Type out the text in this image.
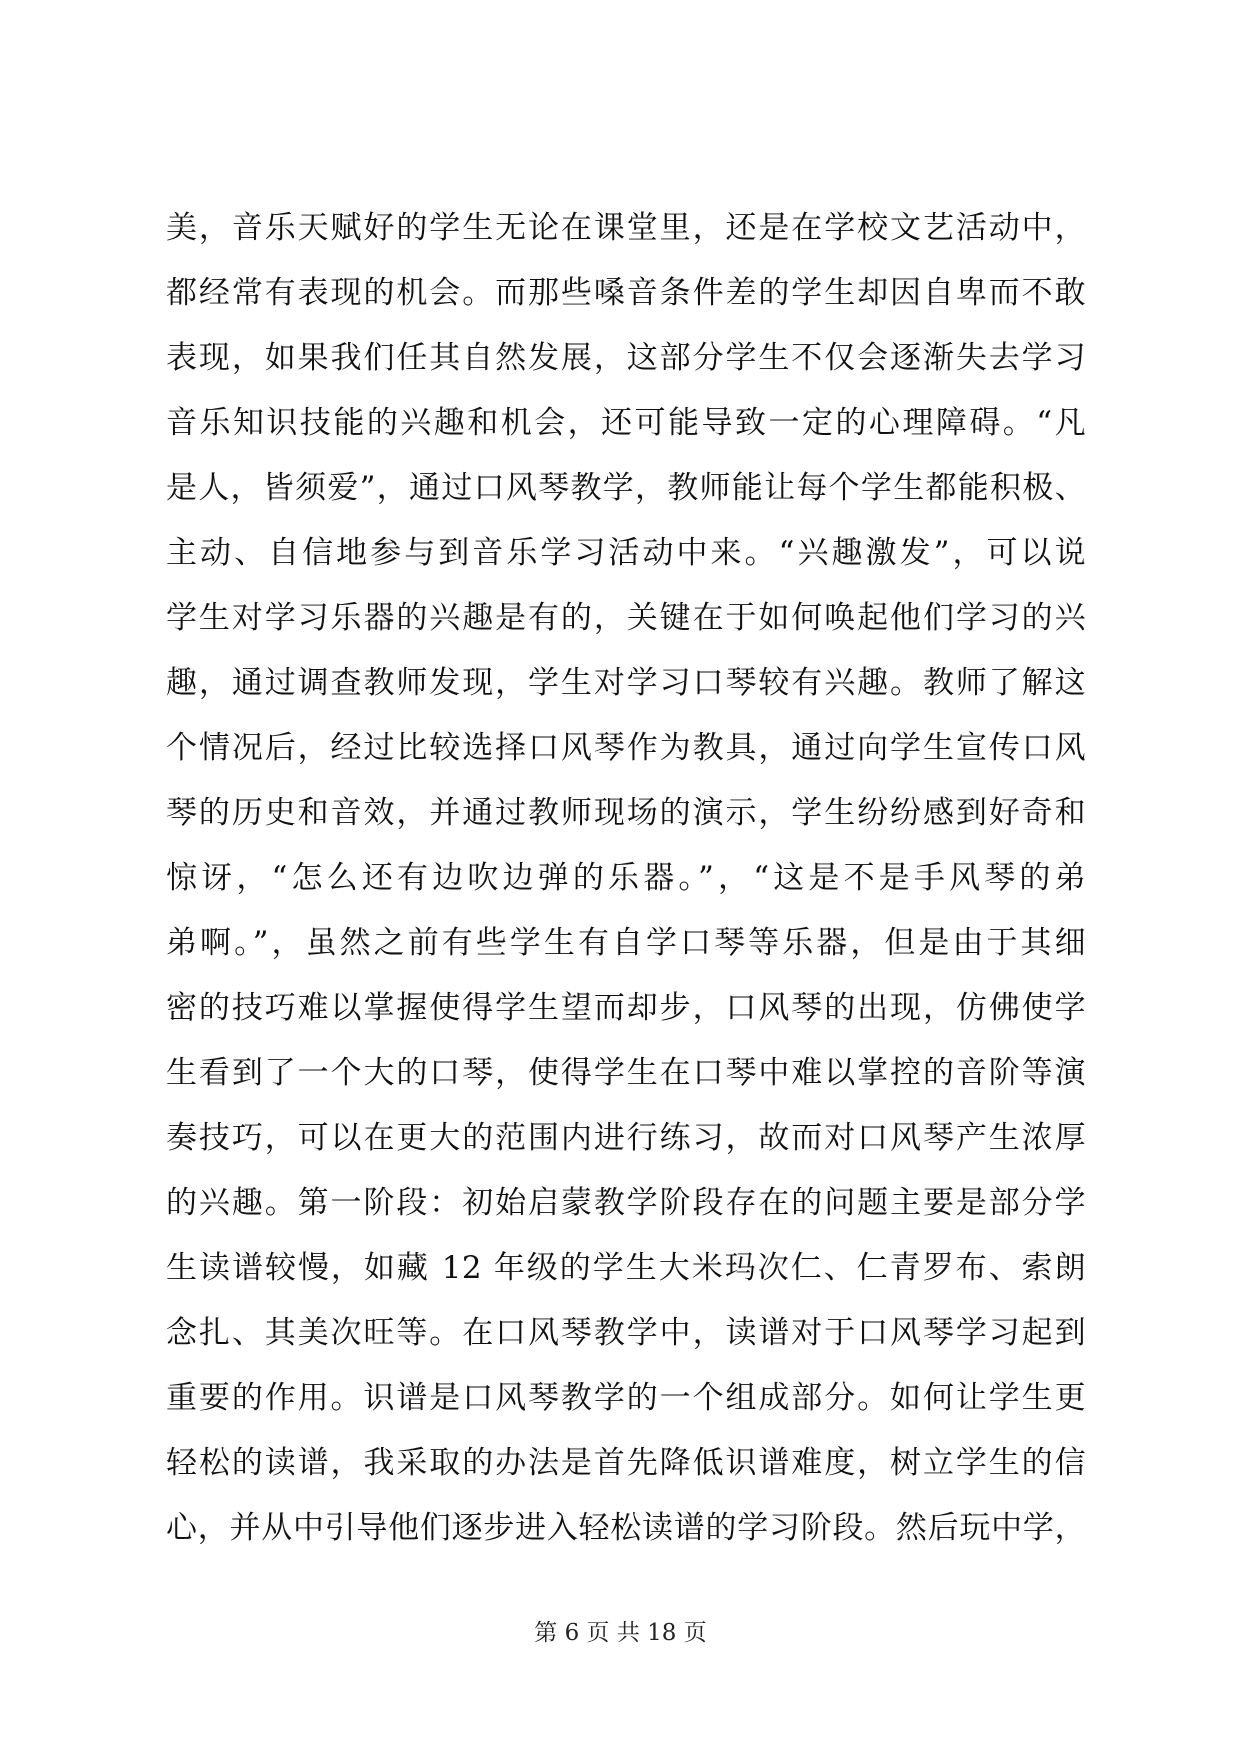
美，音乐天赋好的学生无论在课堂里，还是在学校文艺活动中，
都经常有表现的机会。而那些嗓音条件差的学生却因自卑而不敢
表现，如果我们任其自然发展，这部分学生不仅会逐渐失去学习
音乐知识技能的兴趣和机会，还可能导致一定的心理障碍。“凡
是人，皆须爱”，通过口风琴教学，教师能让每个学生都能积极、
主动、自信地参与到音乐学习活动中来。“兴趣激发”，可以说
学生对学习乐器的兴趣是有的，关键在于如何唤起他们学习的兴
趣，通过调查教师发现，学生对学习口琴较有兴趣。教师了解这
个情况后，经过比较选择口风琴作为教具，通过向学生宣传口风
琴的历史和音效，并通过教师现场的演示，学生纷纷感到好奇和
惊讶，“怎么还有边吹边弹的乐器。”，“这是不是手风琴的弟
弟啊。”，虽然之前有些学生有自学口琴等乐器，但是由于其细
密的技巧难以掌握使得学生望而却步，口风琴的出现，仿佛使学
生看到了一个大的口琴，使得学生在口琴中难以掌控的音阶等演
奏技巧，可以在更大的范围内进行练习，故而对口风琴产生浓厚
的兴趣。第一阶段：初始启蒙教学阶段存在的问题主要是部分学
生读谱较慢，如藏 12 年级的学生大米玛次仁、仁青罗布、索朗
念扎、其美次旺等。在口风琴教学中，读谱对于口风琴学习起到
重要的作用。识谱是口风琴教学的一个组成部分。如何让学生更
轻松的读谱，我采取的办法是首先降低识谱难度，树立学生的信
心，并从中引导他们逐步进入轻松读谱的学习阶段。然后玩中学，
第 6 页 共 18 页
